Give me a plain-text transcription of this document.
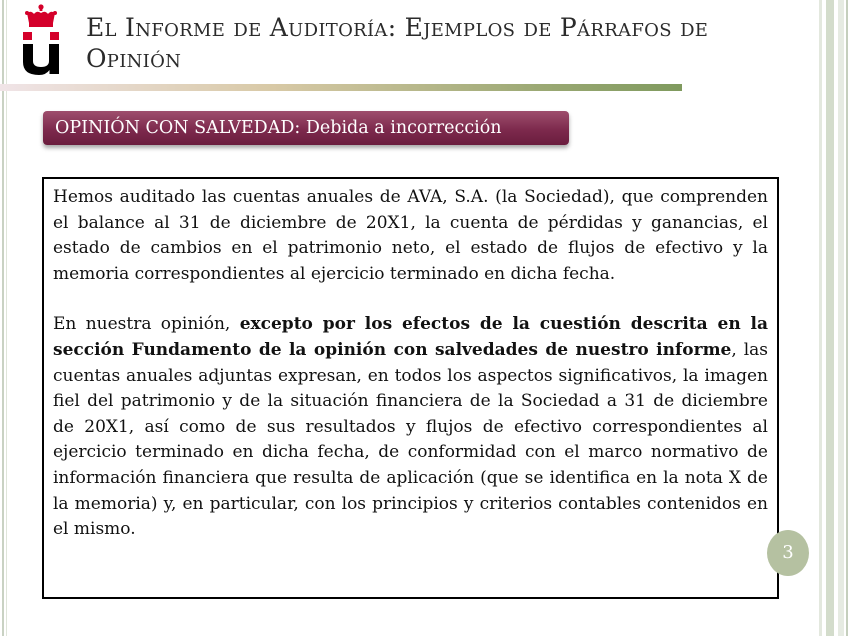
El Informe de Auditoría: Ejemplos de Párrafos de Opinión
OPINIÓN CON SALVEDAD: Debida a incorrección

Hemos auditado las cuentas anuales de AVA, S.A. (la Sociedad), que comprenden el balance al 31 de diciembre de 20X1, la cuenta de pérdidas y ganancias, el estado de cambios en el patrimonio neto, el estado de flujos de efectivo y la memoria correspondientes al ejercicio terminado en dicha fecha.

En nuestra opinión, excepto por los efectos de la cuestión descrita en la sección Fundamento de la opinión con salvedades de nuestro informe, las cuentas anuales adjuntas expresan, en todos los aspectos significativos, la imagen fiel del patrimonio y de la situación financiera de la Sociedad a 31 de diciembre de 20X1, así como de sus resultados y flujos de efectivo correspondientes al ejercicio terminado en dicha fecha, de conformidad con el marco normativo de información financiera que resulta de aplicación (que se identifica en la nota X de la memoria) y, en particular, con los principios y criterios contables contenidos en el mismo.

3
